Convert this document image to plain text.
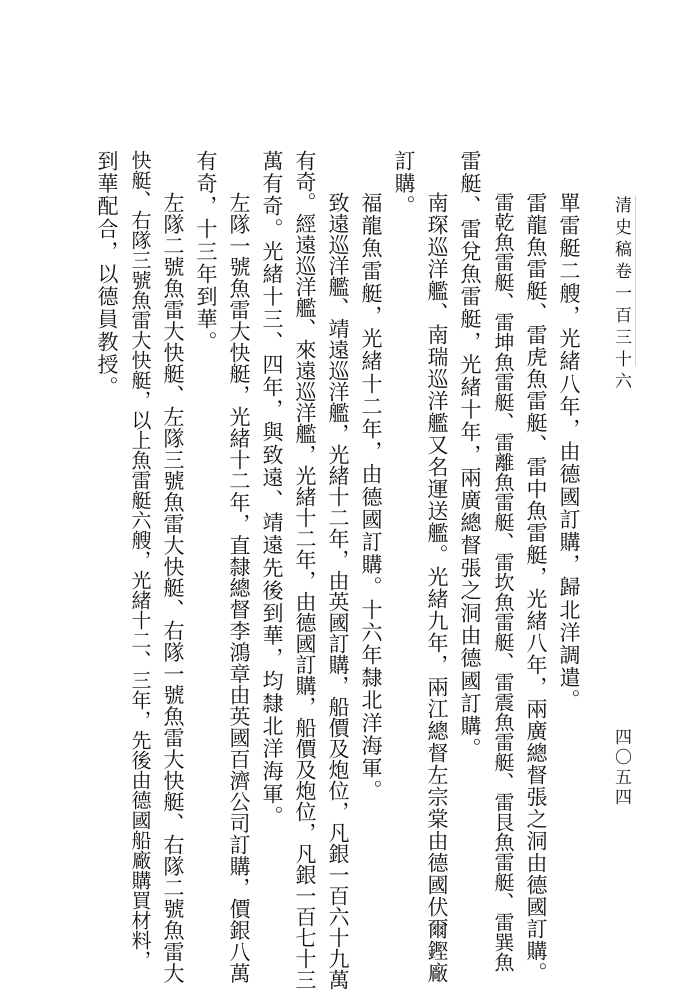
清史稿卷一百三十六
四〇五四
單雷艇二艘，光緒八年，由德國訂購，歸北洋調遣。
雷龍魚雷艇、雷虎魚雷艇、雷中魚雷艇，光緒八年，兩廣總督張之洞由德國訂購。
雷乾魚雷艇、雷坤魚雷艇、雷離魚雷艇、雷坎魚雷艇、雷震魚雷艇、雷艮魚雷艇、雷巽魚
雷艇、雷兌魚雷艇，光緒十年，兩廣總督張之洞由德國訂購。
南琛巡洋艦、南瑞巡洋艦又名運送艦。光緒九年，兩江總督左宗棠由德國伏爾鏗廠
訂購。
福龍魚雷艇，光緒十二年，由德國訂購。十六年隸北洋海軍。
致遠巡洋艦、靖遠巡洋艦，光緒十二年，由英國訂購，船價及炮位，凡銀一百六十九萬
有奇。經遠巡洋艦、來遠巡洋艦，光緒十二年，由德國訂購，船價及炮位，凡銀一百七十三
萬有奇。光緒十三、四年，與致遠、靖遠先後到華，均隸北洋海軍。
左隊一號魚雷大快艇，光緒十二年，直隸總督李鴻章由英國百濟公司訂購，價銀八萬
有奇，十三年到華。
左隊二號魚雷大快艇、左隊三號魚雷大快艇、右隊一號魚雷大快艇、右隊二號魚雷大
快艇、右隊三號魚雷大快艇，以上魚雷艇六艘，光緒十二、三年，先後由德國船廠購買材料，
到華配合，以德員教授。
